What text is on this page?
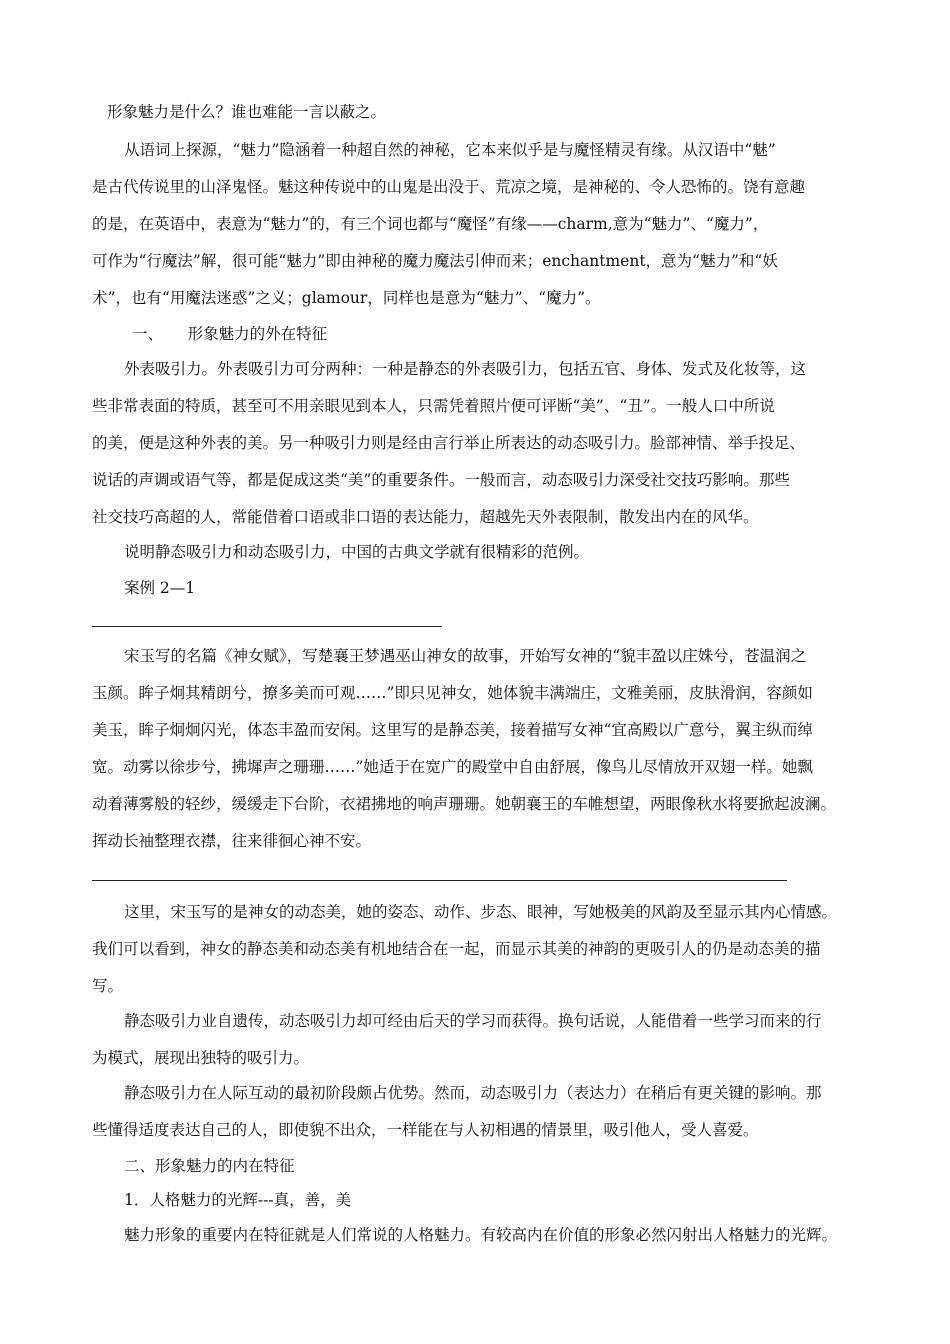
形象魅力是什么？谁也难能一言以蔽之。
从语词上探源，“魅力”隐涵着一种超自然的神秘，它本来似乎是与魔怪精灵有缘。从汉语中“魅”
是古代传说里的山泽鬼怪。魅这种传说中的山鬼是出没于、荒凉之境，是神秘的、令人恐怖的。饶有意趣
的是，在英语中，表意为“魅力”的，有三个词也都与“魔怪”有缘——charm,意为“魅力”、“魔力”，
可作为“行魔法”解，很可能“魅力”即由神秘的魔力魔法引伸而来；enchantment，意为“魅力”和“妖
术”，也有“用魔法迷惑”之义；glamour，同样也是意为“魅力”、“魔力”。
一、     形象魅力的外在特征
外表吸引力。外表吸引力可分两种：一种是静态的外表吸引力，包括五官、身体、发式及化妆等，这
些非常表面的特质，甚至可不用亲眼见到本人，只需凭着照片便可评断“美”、“丑”。一般人口中所说
的美，便是这种外表的美。另一种吸引力则是经由言行举止所表达的动态吸引力。脸部神情、举手投足、
说话的声调或语气等，都是促成这类“美”的重要条件。一般而言，动态吸引力深受社交技巧影响。那些
社交技巧高超的人，常能借着口语或非口语的表达能力，超越先天外表限制，散发出内在的风华。
说明静态吸引力和动态吸引力，中国的古典文学就有很精彩的范例。
案例 2—1
宋玉写的名篇《神女赋》，写楚襄王梦遇巫山神女的故事，开始写女神的“貌丰盈以庄姝兮，苍温润之
玉颜。眸子炯其精朗兮，撩多美而可观……”即只见神女，她体貌丰满端庄，文雅美丽，皮肤滑润，容颜如
美玉，眸子炯炯闪光，体态丰盈而安闲。这里写的是静态美，接着描写女神“宜高殿以广意兮，翼主纵而绰
宽。动雾以徐步兮，拂墀声之珊珊……”她适于在宽广的殿堂中自由舒展，像鸟儿尽情放开双翅一样。她飘
动着薄雾般的轻纱，缓缓走下台阶，衣裙拂地的响声珊珊。她朝襄王的车帷想望，两眼像秋水将要掀起波澜。
挥动长袖整理衣襟，往来徘徊心神不安。
这里，宋玉写的是神女的动态美，她的姿态、动作、步态、眼神，写她极美的风韵及至显示其内心情感。
我们可以看到，神女的静态美和动态美有机地结合在一起，而显示其美的神韵的更吸引人的仍是动态美的描
写。
静态吸引力业自遗传，动态吸引力却可经由后天的学习而获得。换句话说，人能借着一些学习而来的行
为模式，展现出独特的吸引力。
静态吸引力在人际互动的最初阶段颇占优势。然而，动态吸引力（表达力）在稍后有更关键的影响。那
些懂得适度表达自己的人，即使貌不出众，一样能在与人初相遇的情景里，吸引他人，受人喜爱。
二、形象魅力的内在特征
1．人格魅力的光辉---真，善，美
魅力形象的重要内在特征就是人们常说的人格魅力。有较高内在价值的形象必然闪射出人格魅力的光辉。
